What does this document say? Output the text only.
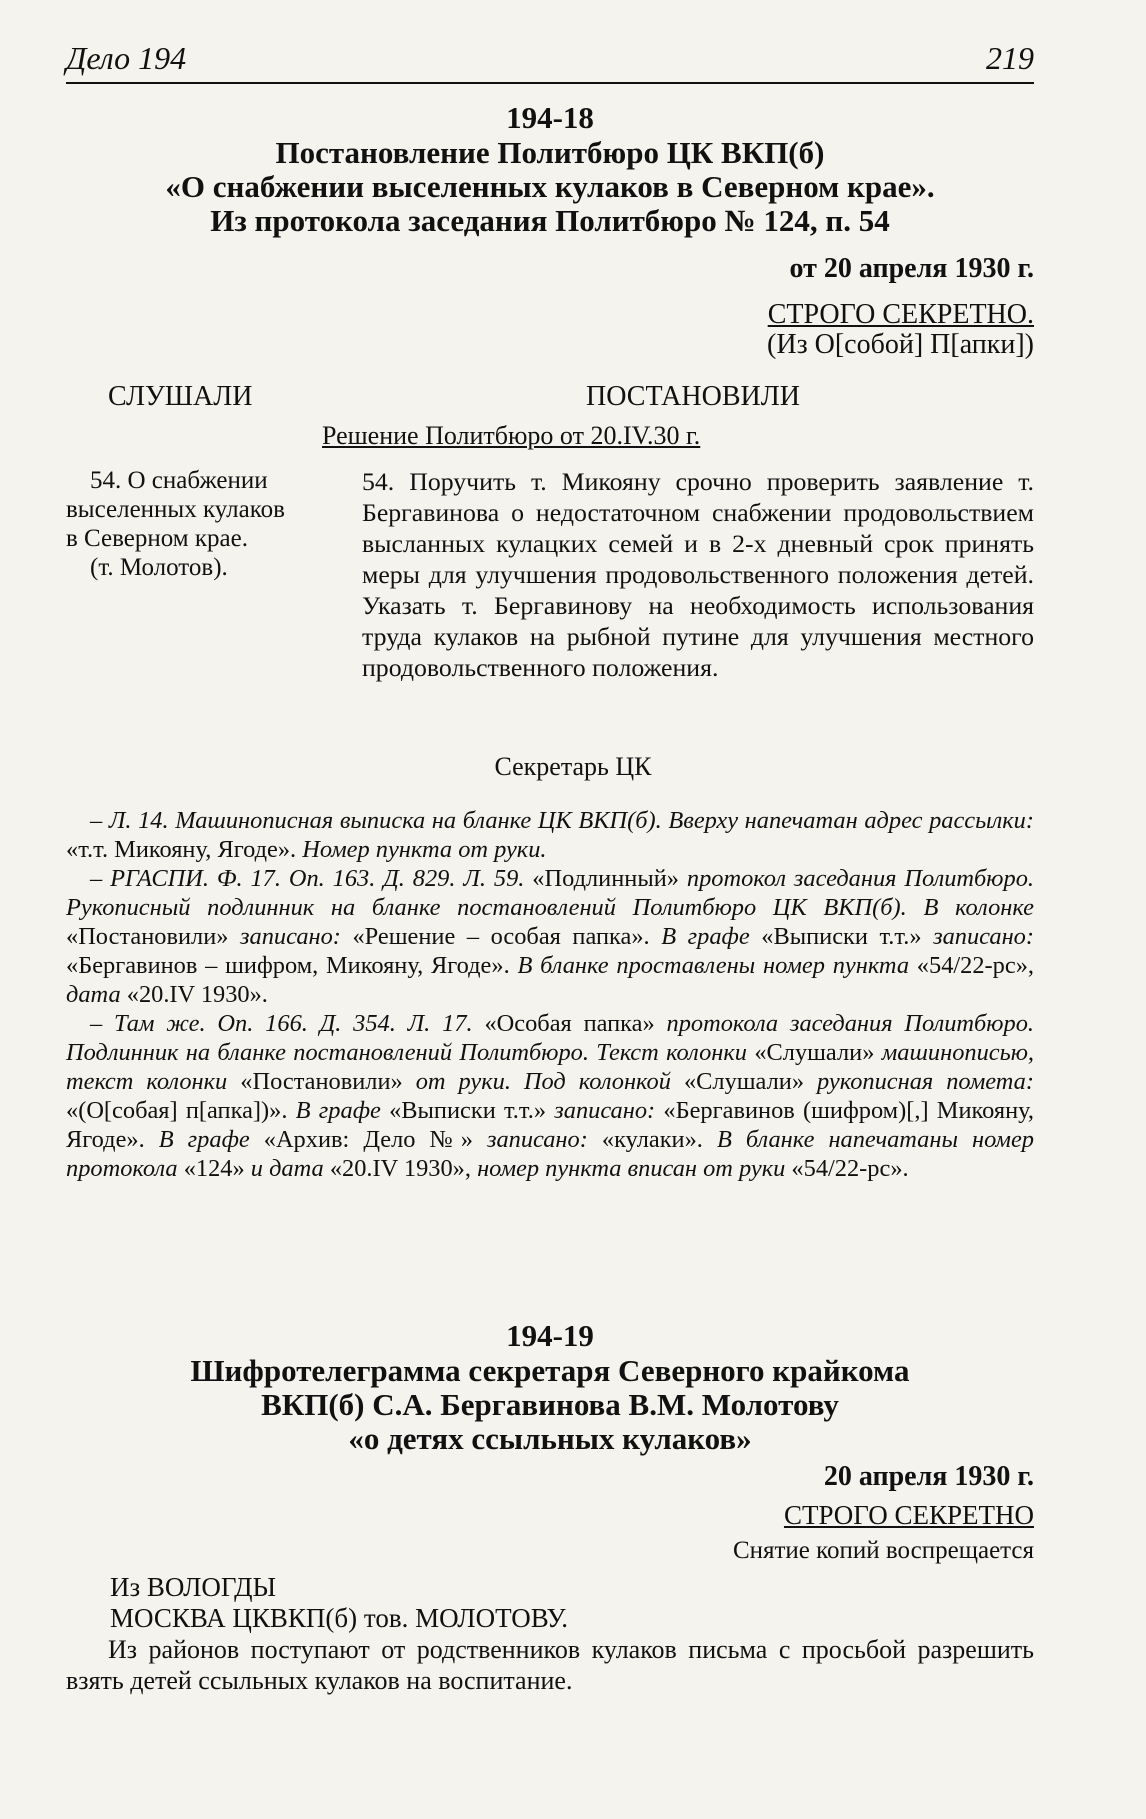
Дело 194	219
194-18
Постановление Политбюро ЦК ВКП(б)
«О снабжении выселенных кулаков в Северном крае».
Из протокола заседания Политбюро № 124, п. 54
от 20 апреля 1930 г.
СТРОГО СЕКРЕТНО.
(Из О[собой] П[апки])
СЛУШАЛИ	ПОСТАНОВИЛИ
Решение Политбюро от 20.IV.30 г.
54. О снабжении
выселенных кулаков
в Северном крае.
(т. Молотов).
54. Поручить т. Микояну срочно проверить заявление т. Бергавинова о недостаточном снабжении продовольствием высланных кулацких семей и в 2-х дневный срок принять меры для улучшения продовольственного положения детей. Указать т. Бергавинову на необходимость использования труда кулаков на рыбной путине для улучшения местного продовольственного положения.
Секретарь ЦК

– Л. 14. Машинописная выписка на бланке ЦК ВКП(б). Вверху напечатан адрес рассылки: «т.т. Микояну, Ягоде». Номер пункта от руки.

– РГАСПИ. Ф. 17. Оп. 163. Д. 829. Л. 59. «Подлинный» протокол заседания Политбюро. Рукописный подлинник на бланке постановлений Политбюро ЦК ВКП(б). В колонке «Постановили» записано: «Решение – особая папка». В графе «Выписки т.т.» записано: «Бергавинов – шифром, Микояну, Ягоде». В бланке проставлены номер пункта «54/22-рс», дата «20.IV 1930».

– Там же. Оп. 166. Д. 354. Л. 17. «Особая папка» протокола заседания Политбюро. Подлинник на бланке постановлений Политбюро. Текст колонки «Слушали» машинописью, текст колонки «Постановили» от руки. Под колонкой «Слушали» рукописная помета: «(О[собая] п[апка])». В графе «Выписки т.т.» записано: «Бергавинов (шифром)[,] Микояну, Ягоде». В графе «Архив: Дело №» записано: «кулаки». В бланке напечатаны номер протокола «124» и дата «20.IV 1930», номер пункта вписан от руки «54/22-рс».

194-19
Шифротелеграмма секретаря Северного крайкома
ВКП(б) С.А. Бергавинова В.М. Молотову
«о детях ссыльных кулаков»
20 апреля 1930 г.
СТРОГО СЕКРЕТНО
Снятие копий воспрещается
Из ВОЛОГДЫ
МОСКВА ЦКВКП(б) тов. МОЛОТОВУ.

Из районов поступают от родственников кулаков письма с просьбой разрешить взять детей ссыльных кулаков на воспитание.
